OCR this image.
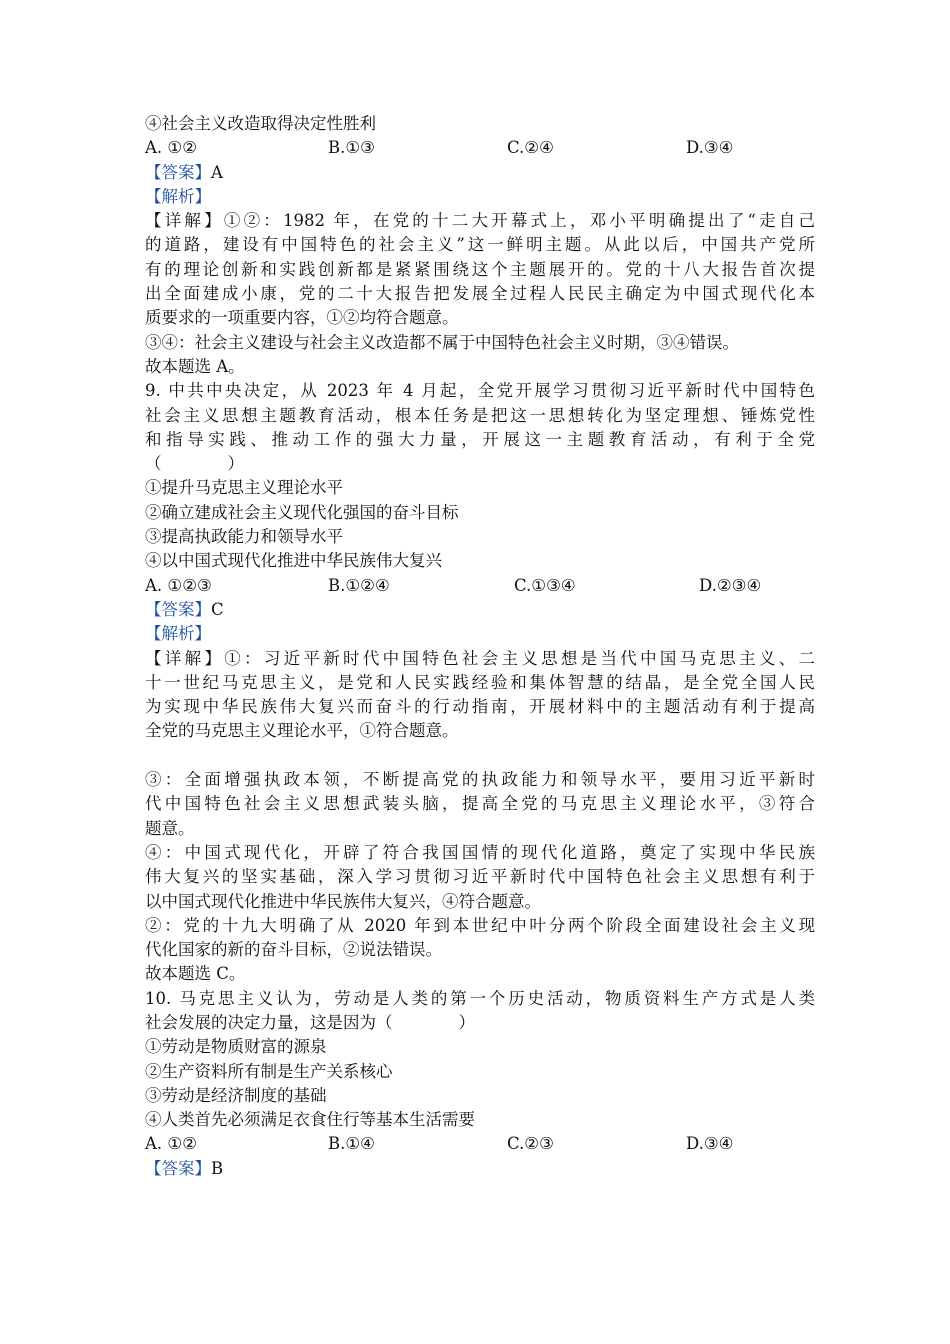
④社会主义改造取得决定性胜利
A. ①②	B.①③	C.②④	D.③④
【答案】A
【解析】
【详解】①②：1982 年，在党的十二大开幕式上，邓小平明确提出了“走自己
的道路，建设有中国特色的社会主义”这一鲜明主题。从此以后，中国共产党所
有的理论创新和实践创新都是紧紧围绕这个主题展开的。党的十八大报告首次提
出全面建成小康，党的二十大报告把发展全过程人民民主确定为中国式现代化本
质要求的一项重要内容，①②均符合题意。
③④：社会主义建设与社会主义改造都不属于中国特色社会主义时期，③④错误。
故本题选 A。
9. 中共中央决定，从 2023 年 4 月起，全党开展学习贯彻习近平新时代中国特色
社会主义思想主题教育活动，根本任务是把这一思想转化为坚定理想、锤炼党性
和指导实践、推动工作的强大力量，开展这一主题教育活动，有利于全党
（　　　　）
①提升马克思主义理论水平
②确立建成社会主义现代化强国的奋斗目标
③提高执政能力和领导水平
④以中国式现代化推进中华民族伟大复兴
A. ①②③	B.①②④	C.①③④	D.②③④
【答案】C
【解析】
【详解】①：习近平新时代中国特色社会主义思想是当代中国马克思主义、二
十一世纪马克思主义，是党和人民实践经验和集体智慧的结晶，是全党全国人民
为实现中华民族伟大复兴而奋斗的行动指南，开展材料中的主题活动有利于提高
全党的马克思主义理论水平，①符合题意。
③：全面增强执政本领，不断提高党的执政能力和领导水平，要用习近平新时
代中国特色社会主义思想武装头脑，提高全党的马克思主义理论水平，③符合
题意。
④：中国式现代化，开辟了符合我国国情的现代化道路，奠定了实现中华民族
伟大复兴的坚实基础，深入学习贯彻习近平新时代中国特色社会主义思想有利于
以中国式现代化推进中华民族伟大复兴，④符合题意。
②：党的十九大明确了从 2020 年到本世纪中叶分两个阶段全面建设社会主义现
代化国家的新的奋斗目标，②说法错误。
故本题选 C。
10. 马克思主义认为，劳动是人类的第一个历史活动，物质资料生产方式是人类
社会发展的决定力量，这是因为（　　　　）
①劳动是物质财富的源泉
②生产资料所有制是生产关系核心
③劳动是经济制度的基础
④人类首先必须满足衣食住行等基本生活需要
A. ①②	B.①④	C.②③	D.③④
【答案】B
